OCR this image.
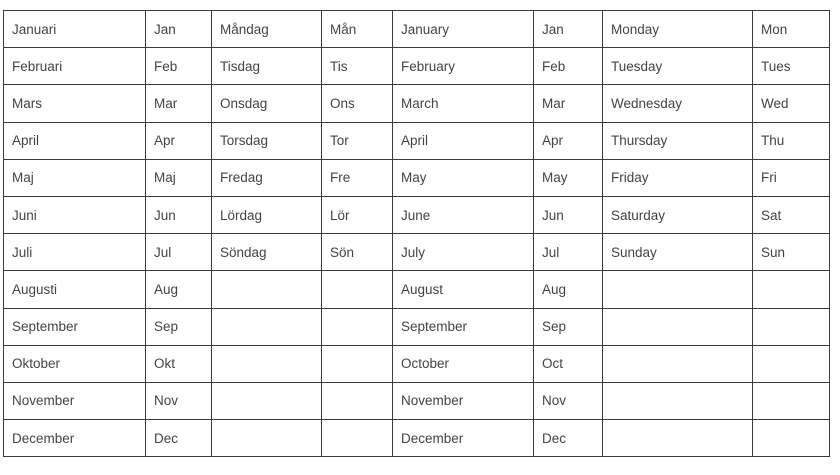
Januari	Jan	Måndag	Mån	January	Jan	Monday	Mon
Februari	Feb	Tisdag	Tis	February	Feb	Tuesday	Tues
Mars	Mar	Onsdag	Ons	March	Mar	Wednesday	Wed
April	Apr	Torsdag	Tor	April	Apr	Thursday	Thu
Maj	Maj	Fredag	Fre	May	May	Friday	Fri
Juni	Jun	Lördag	Lör	June	Jun	Saturday	Sat
Juli	Jul	Söndag	Sön	July	Jul	Sunday	Sun
Augusti	Aug			August	Aug		
September	Sep			September	Sep		
Oktober	Okt			October	Oct		
November	Nov			November	Nov		
December	Dec			December	Dec		
